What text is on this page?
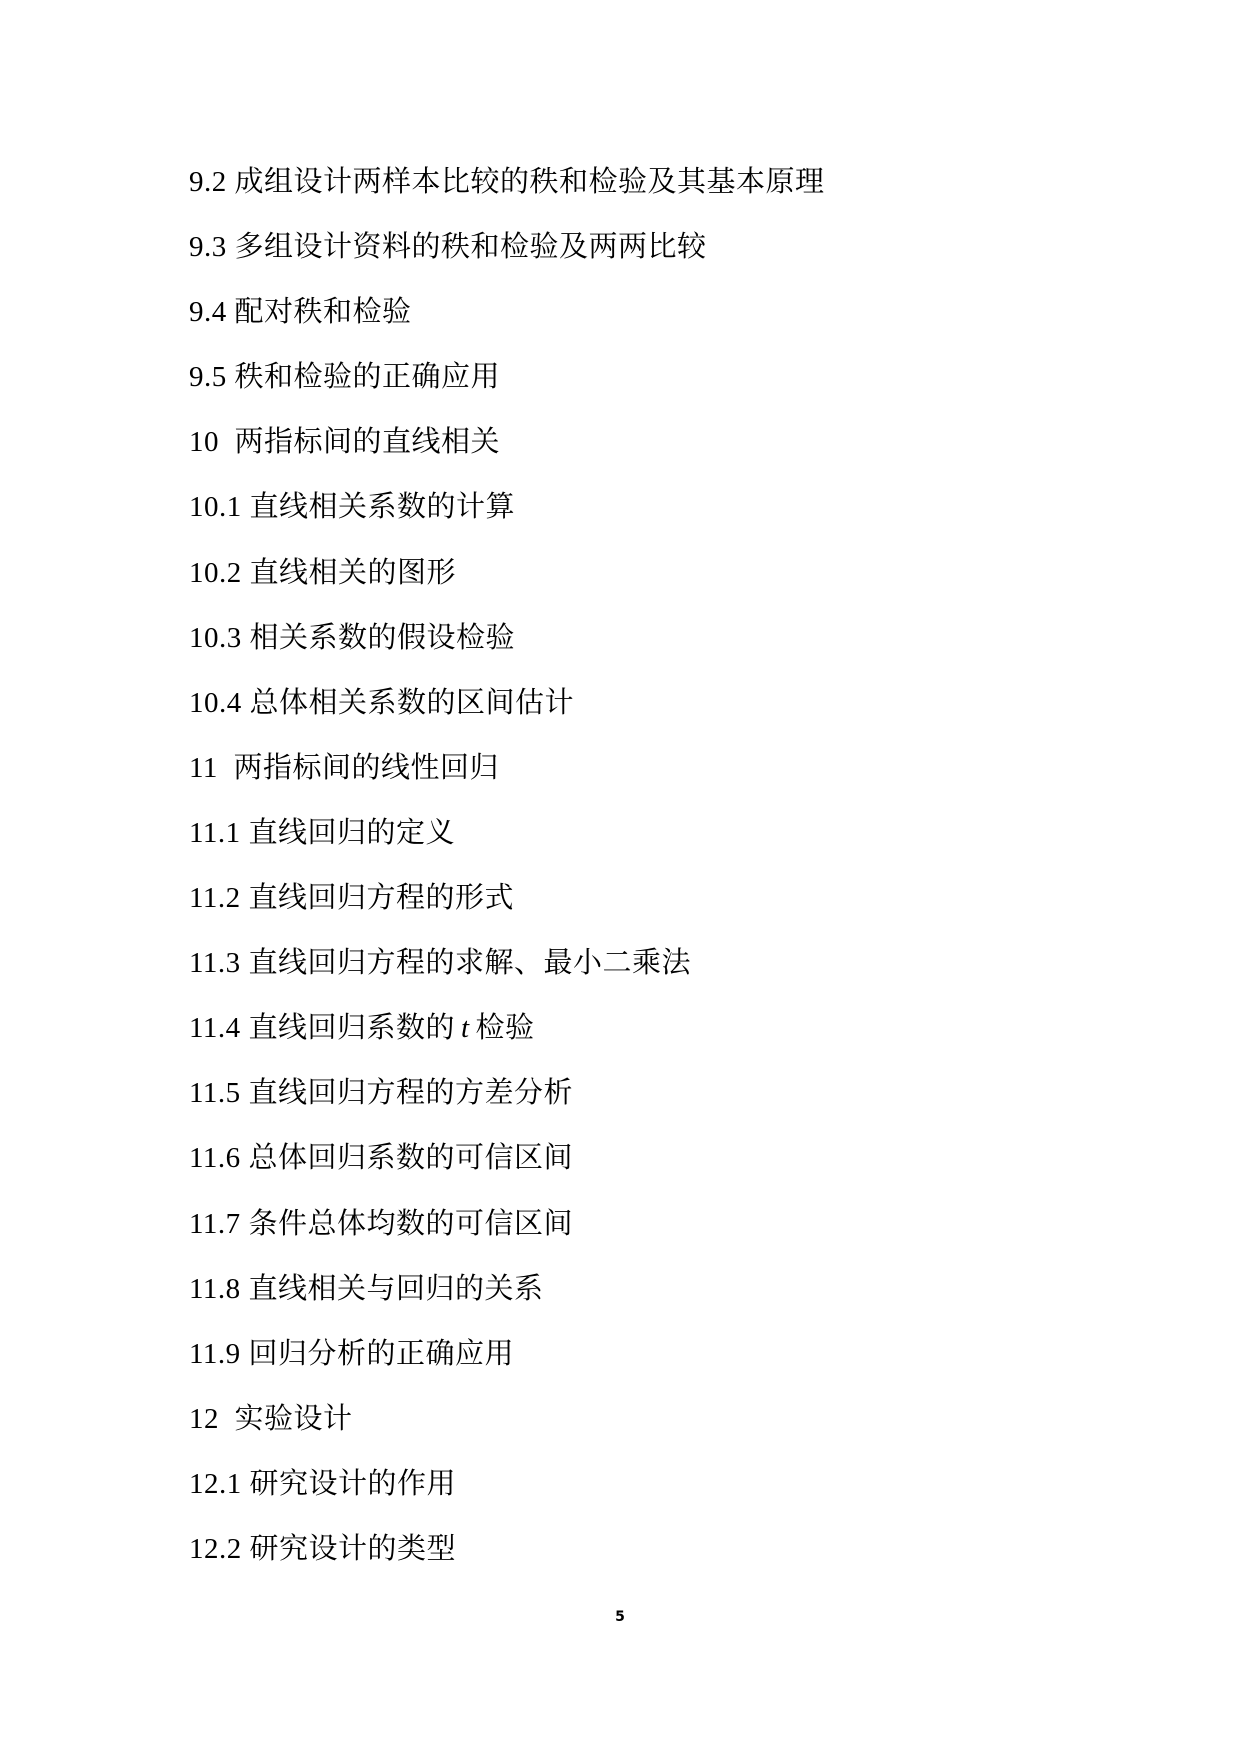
9.2 成组设计两样本比较的秩和检验及其基本原理
9.3 多组设计资料的秩和检验及两两比较
9.4 配对秩和检验
9.5 秩和检验的正确应用
10 两指标间的直线相关
10.1 直线相关系数的计算
10.2 直线相关的图形
10.3 相关系数的假设检验
10.4 总体相关系数的区间估计
11 两指标间的线性回归
11.1 直线回归的定义
11.2 直线回归方程的形式
11.3 直线回归方程的求解、最小二乘法
11.4 直线回归系数的 t 检验
11.5 直线回归方程的方差分析
11.6 总体回归系数的可信区间
11.7 条件总体均数的可信区间
11.8 直线相关与回归的关系
11.9 回归分析的正确应用
12 实验设计
12.1 研究设计的作用
12.2 研究设计的类型
5
